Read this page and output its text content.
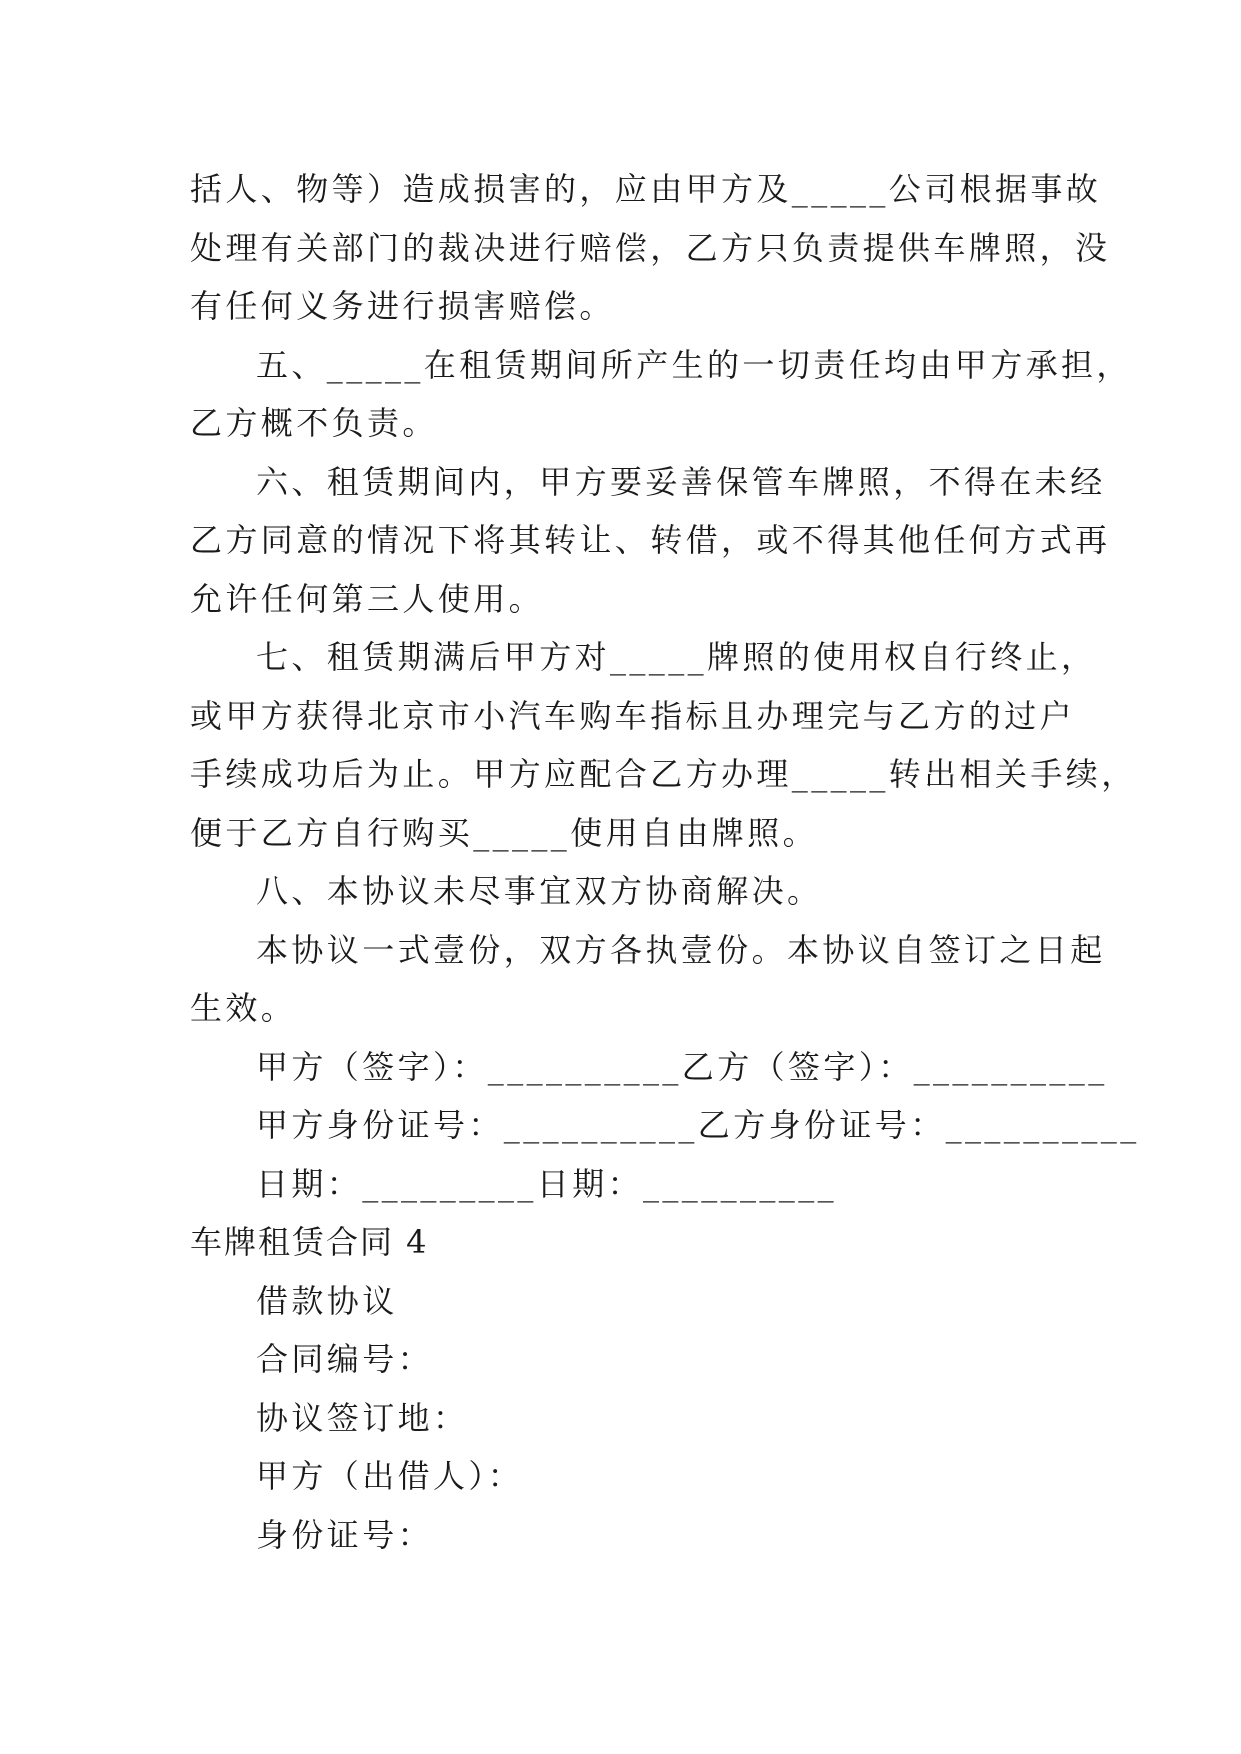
括人、物等）造成损害的，应由甲方及_____公司根据事故
处理有关部门的裁决进行赔偿，乙方只负责提供车牌照，没
有任何义务进行损害赔偿。
五、_____在租赁期间所产生的一切责任均由甲方承担，
乙方概不负责。
六、租赁期间内，甲方要妥善保管车牌照，不得在未经
乙方同意的情况下将其转让、转借，或不得其他任何方式再
允许任何第三人使用。
七、租赁期满后甲方对_____牌照的使用权自行终止，
或甲方获得北京市小汽车购车指标且办理完与乙方的过户
手续成功后为止。甲方应配合乙方办理_____转出相关手续，
便于乙方自行购买_____使用自由牌照。
八、本协议未尽事宜双方协商解决。
本协议一式壹份，双方各执壹份。本协议自签订之日起
生效。
甲方（签字）：__________乙方（签字）：__________
甲方身份证号：__________乙方身份证号：__________
日期：_________日期：__________
车牌租赁合同 4
借款协议
合同编号：
协议签订地：
甲方（出借人）：
身份证号：
